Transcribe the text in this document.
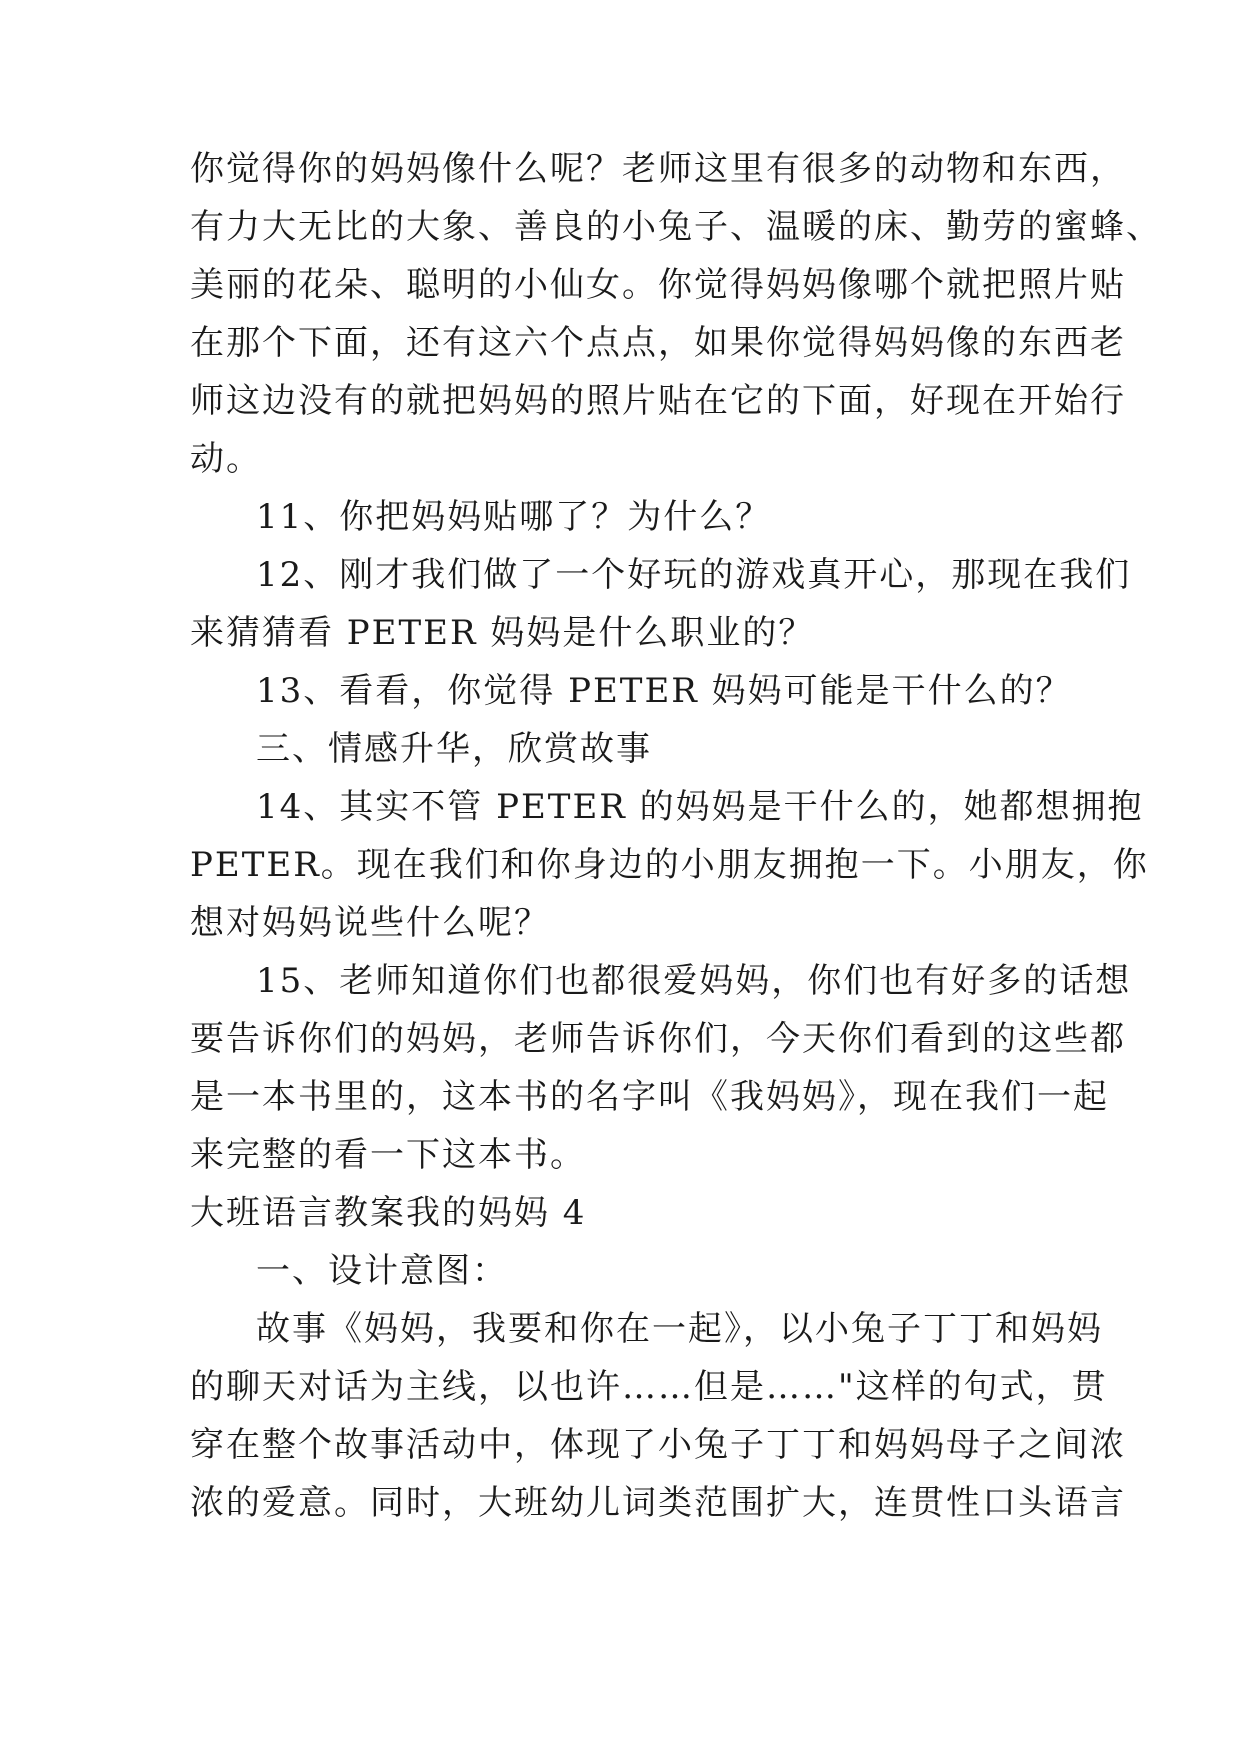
你觉得你的妈妈像什么呢？老师这里有很多的动物和东西，
有力大无比的大象、善良的小兔子、温暖的床、勤劳的蜜蜂、
美丽的花朵、聪明的小仙女。你觉得妈妈像哪个就把照片贴
在那个下面，还有这六个点点，如果你觉得妈妈像的东西老
师这边没有的就把妈妈的照片贴在它的下面，好现在开始行
动。
11、你把妈妈贴哪了？为什么？
12、刚才我们做了一个好玩的游戏真开心，那现在我们
来猜猜看 PETER 妈妈是什么职业的？
13、看看，你觉得 PETER 妈妈可能是干什么的？
三、情感升华，欣赏故事
14、其实不管 PETER 的妈妈是干什么的，她都想拥抱
PETER。现在我们和你身边的小朋友拥抱一下。小朋友，你
想对妈妈说些什么呢？
15、老师知道你们也都很爱妈妈，你们也有好多的话想
要告诉你们的妈妈，老师告诉你们，今天你们看到的这些都
是一本书里的，这本书的名字叫《我妈妈》，现在我们一起
来完整的看一下这本书。
大班语言教案我的妈妈 4
一、设计意图：
故事《妈妈，我要和你在一起》，以小兔子丁丁和妈妈
的聊天对话为主线，以也许……但是……"这样的句式，贯
穿在整个故事活动中，体现了小兔子丁丁和妈妈母子之间浓
浓的爱意。同时，大班幼儿词类范围扩大，连贯性口头语言
